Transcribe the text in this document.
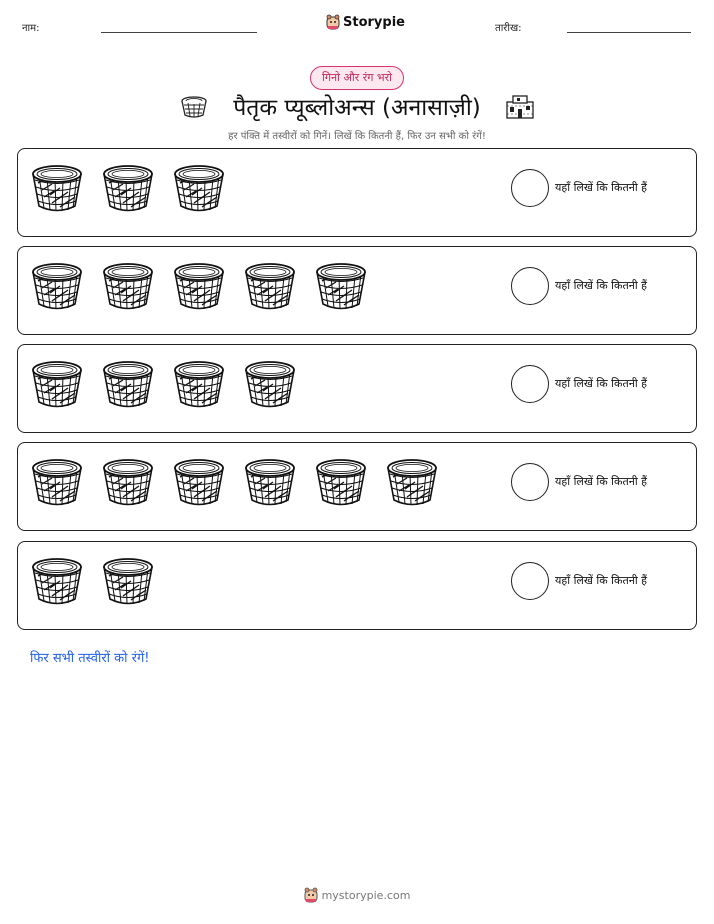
नाम:	Storypie	तारीख:
गिनो और रंग भरो
पैतृक प्यूब्लोअन्स (अनासाज़ी)
हर पंक्ति में तस्वीरों को गिनें। लिखें कि कितनी हैं, फिर उन सभी को रंगें!
यहाँ लिखें कि कितनी हैं
यहाँ लिखें कि कितनी हैं
यहाँ लिखें कि कितनी हैं
यहाँ लिखें कि कितनी हैं
यहाँ लिखें कि कितनी हैं
फिर सभी तस्वीरों को रंगें!
mystorypie.com
